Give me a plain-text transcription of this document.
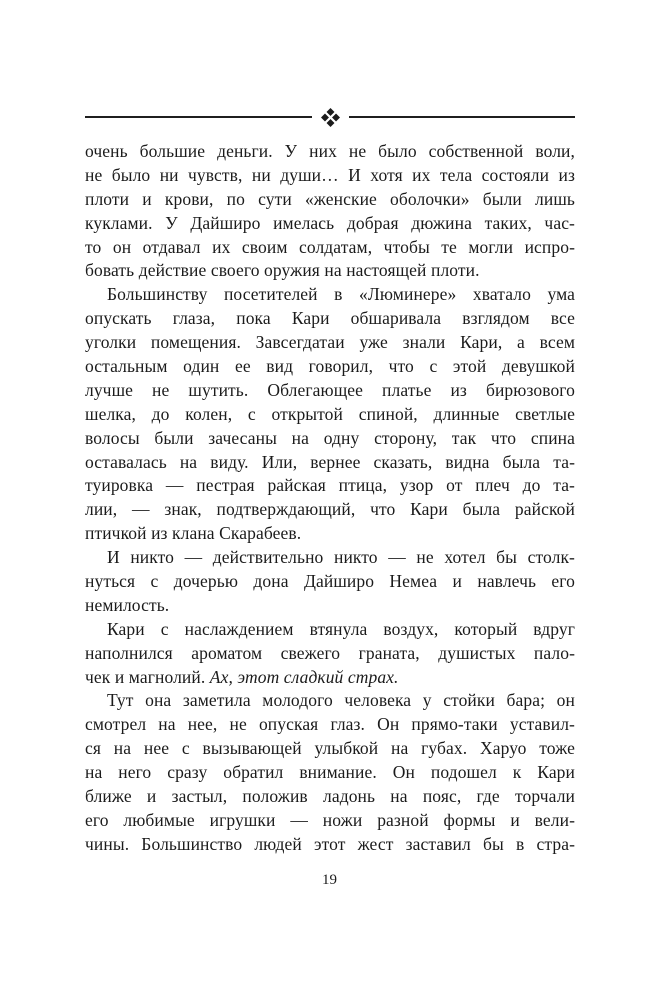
очень большие деньги. У них не было собственной воли,
не было ни чувств, ни души… И хотя их тела состояли из
плоти и крови, по сути «женские оболочки» были лишь
куклами. У Дайширо имелась добрая дюжина таких, час-
то он отдавал их своим солдатам, чтобы те могли испро-
бовать действие своего оружия на настоящей плоти.
Большинству посетителей в «Люминере» хватало ума
опускать глаза, пока Кари обшаривала взглядом все
уголки помещения. Завсегдатаи уже знали Кари, а всем
остальным один ее вид говорил, что с этой девушкой
лучше не шутить. Облегающее платье из бирюзового
шелка, до колен, с открытой спиной, длинные светлые
волосы были зачесаны на одну сторону, так что спина
оставалась на виду. Или, вернее сказать, видна была та-
туировка — пестрая райская птица, узор от плеч до та-
лии, — знак, подтверждающий, что Кари была райской
птичкой из клана Скарабеев.
И никто — действительно никто — не хотел бы столк-
нуться с дочерью дона Дайширо Немеа и навлечь его
немилость.
Кари с наслаждением втянула воздух, который вдруг
наполнился ароматом свежего граната, душистых пало-
чек и магнолий. Ах, этот сладкий страх.
Тут она заметила молодого человека у стойки бара; он
смотрел на нее, не опуская глаз. Он прямо-таки уставил-
ся на нее с вызывающей улыбкой на губах. Харуо тоже
на него сразу обратил внимание. Он подошел к Кари
ближе и застыл, положив ладонь на пояс, где торчали
его любимые игрушки — ножи разной формы и вели-
чины. Большинство людей этот жест заставил бы в стра-
19
